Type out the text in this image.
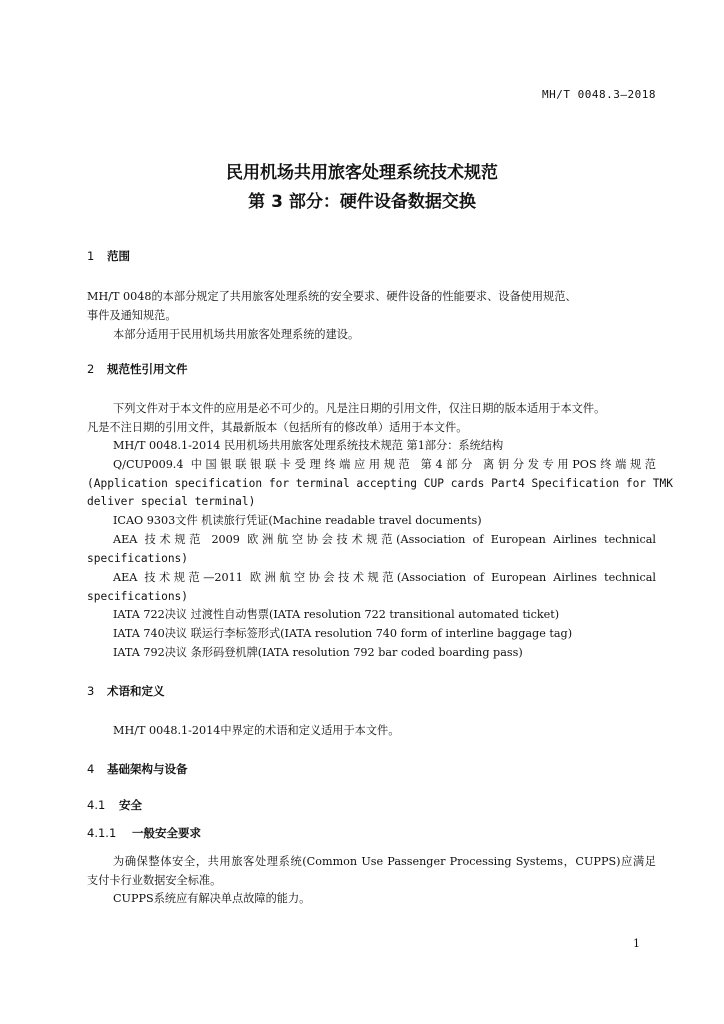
MH/T 0048.3—2018
民用机场共用旅客处理系统技术规范
第 3 部分：硬件设备数据交换
1 范围
MH/T 0048的本部分规定了共用旅客处理系统的安全要求、硬件设备的性能要求、设备使用规范、
事件及通知规范。
本部分适用于民用机场共用旅客处理系统的建设。
2 规范性引用文件
下列文件对于本文件的应用是必不可少的。凡是注日期的引用文件，仅注日期的版本适用于本文件。
凡是不注日期的引用文件，其最新版本（包括所有的修改单）适用于本文件。
MH/T 0048.1-2014 民用机场共用旅客处理系统技术规范 第1部分：系统结构
Q/CUP009.4 中国银联银联卡受理终端应用规范 第4部分 离钥分发专用POS终端规范
(Application specification for terminal accepting CUP cards Part4 Specification for TMK
deliver special terminal)
ICAO 9303文件 机读旅行凭证(Machine readable travel documents)
AEA 技术规范 2009 欧洲航空协会技术规范(Association of European Airlines technical
specifications)
AEA 技术规范—2011 欧洲航空协会技术规范(Association of European Airlines technical
specifications)
IATA 722决议 过渡性自动售票(IATA resolution 722 transitional automated ticket)
IATA 740决议 联运行李标签形式(IATA resolution 740 form of interline baggage tag)
IATA 792决议 条形码登机牌(IATA resolution 792 bar coded boarding pass)
3 术语和定义
MH/T 0048.1-2014中界定的术语和定义适用于本文件。
4 基础架构与设备
4.1 安全
4.1.1 一般安全要求
为确保整体安全，共用旅客处理系统(Common Use Passenger Processing Systems，CUPPS)应满足
支付卡行业数据安全标准。
CUPPS系统应有解决单点故障的能力。
1
